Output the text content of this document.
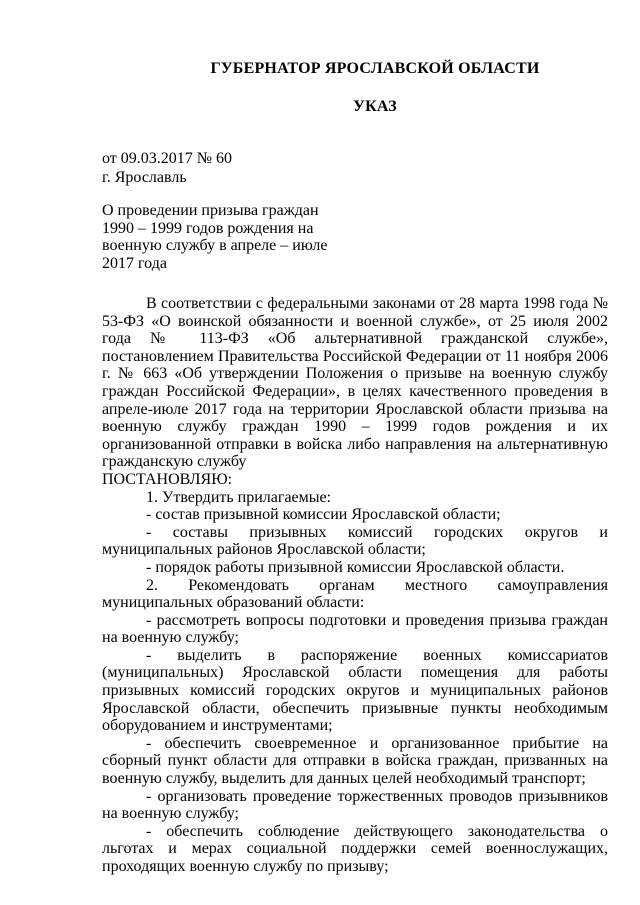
ГУБЕРНАТОР ЯРОСЛАВСКОЙ ОБЛАСТИ
УКАЗ
от 09.03.2017 № 60
г. Ярославль
О проведении призыва граждан
1990 – 1999 годов рождения на
военную службу в апреле – июле
2017 года

В соответствии с федеральными законами от 28 марта 1998 года № 53-ФЗ «О воинской обязанности и военной службе», от 25 июля 2002 года № 113-ФЗ «Об альтернативной гражданской службе», постановлением Правительства Российской Федерации от 11 ноября 2006 г. № 663 «Об утверждении Положения о призыве на военную службу граждан Российской Федерации», в целях качественного проведения в апреле-июле 2017 года на территории Ярославской области призыва на военную службу граждан 1990 – 1999 годов рождения и их организованной отправки в войска либо направления на альтернативную гражданскую службу

ПОСТАНОВЛЯЮ:

1. Утвердить прилагаемые:

- состав призывной комиссии Ярославской области;

- составы призывных комиссий городских округов и муниципальных районов Ярославской области;

- порядок работы призывной комиссии Ярославской области.

2. Рекомендовать органам местного самоуправления муниципальных образований области:

- рассмотреть вопросы подготовки и проведения призыва граждан на военную службу;

- выделить в распоряжение военных комиссариатов (муниципальных) Ярославской области помещения для работы призывных комиссий городских округов и муниципальных районов Ярославской области, обеспечить призывные пункты необходимым оборудованием и инструментами;

- обеспечить своевременное и организованное прибытие на сборный пункт области для отправки в войска граждан, призванных на военную службу, выделить для данных целей необходимый транспорт;

- организовать проведение торжественных проводов призывников на военную службу;

- обеспечить соблюдение действующего законодательства о льготах и мерах социальной поддержки семей военнослужащих, проходящих военную службу по призыву;
